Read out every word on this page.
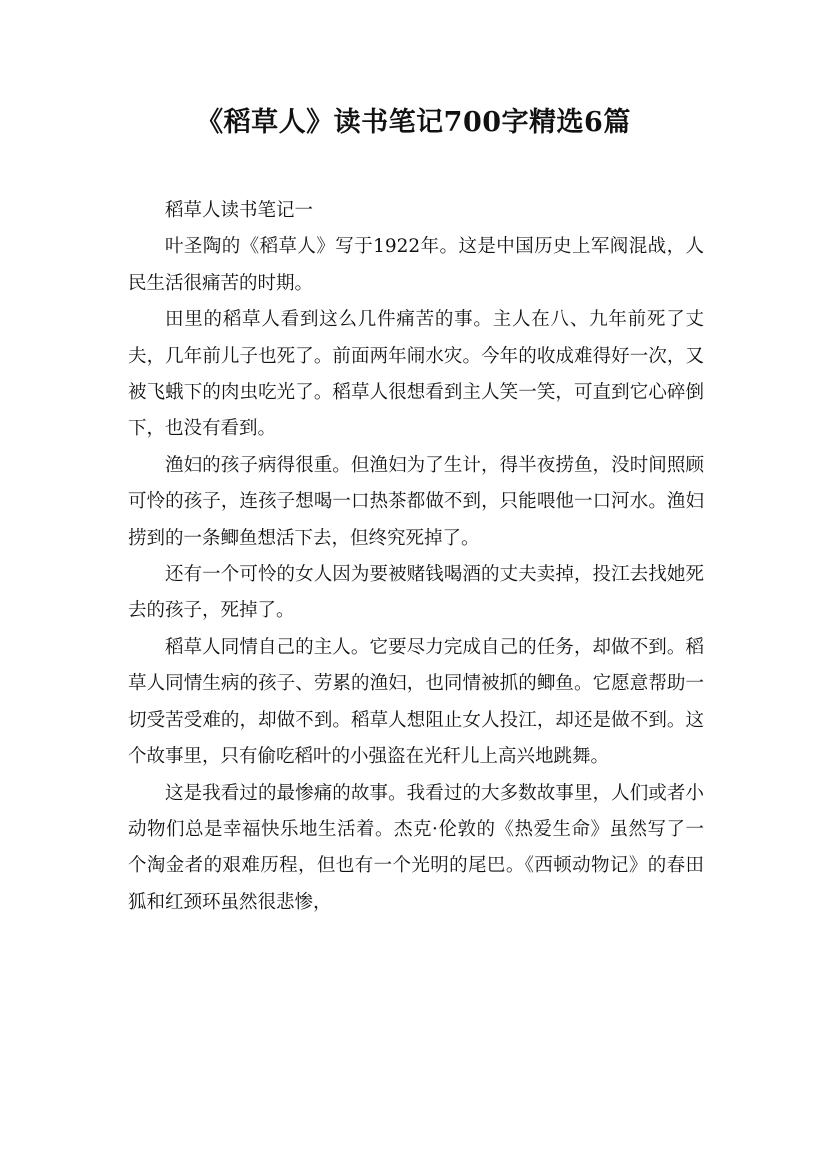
《稻草人》读书笔记700字精选6篇

稻草人读书笔记一

叶圣陶的《稻草人》写于1922年。这是中国历史上军阀混战，人民生活很痛苦的时期。

田里的稻草人看到这么几件痛苦的事。主人在八、九年前死了丈夫，几年前儿子也死了。前面两年闹水灾。今年的收成难得好一次，又被飞蛾下的肉虫吃光了。稻草人很想看到主人笑一笑，可直到它心碎倒下，也没有看到。

渔妇的孩子病得很重。但渔妇为了生计，得半夜捞鱼，没时间照顾可怜的孩子，连孩子想喝一口热茶都做不到，只能喂他一口河水。渔妇捞到的一条鲫鱼想活下去，但终究死掉了。

还有一个可怜的女人因为要被赌钱喝酒的丈夫卖掉，投江去找她死去的孩子，死掉了。

稻草人同情自己的主人。它要尽力完成自己的任务，却做不到。稻草人同情生病的孩子、劳累的渔妇，也同情被抓的鲫鱼。它愿意帮助一切受苦受难的，却做不到。稻草人想阻止女人投江，却还是做不到。这个故事里，只有偷吃稻叶的小强盗在光秆儿上高兴地跳舞。

这是我看过的最惨痛的故事。我看过的大多数故事里，人们或者小动物们总是幸福快乐地生活着。杰克·伦敦的《热爱生命》虽然写了一个淘金者的艰难历程，但也有一个光明的尾巴。《西顿动物记》的春田狐和红颈环虽然很悲惨，
